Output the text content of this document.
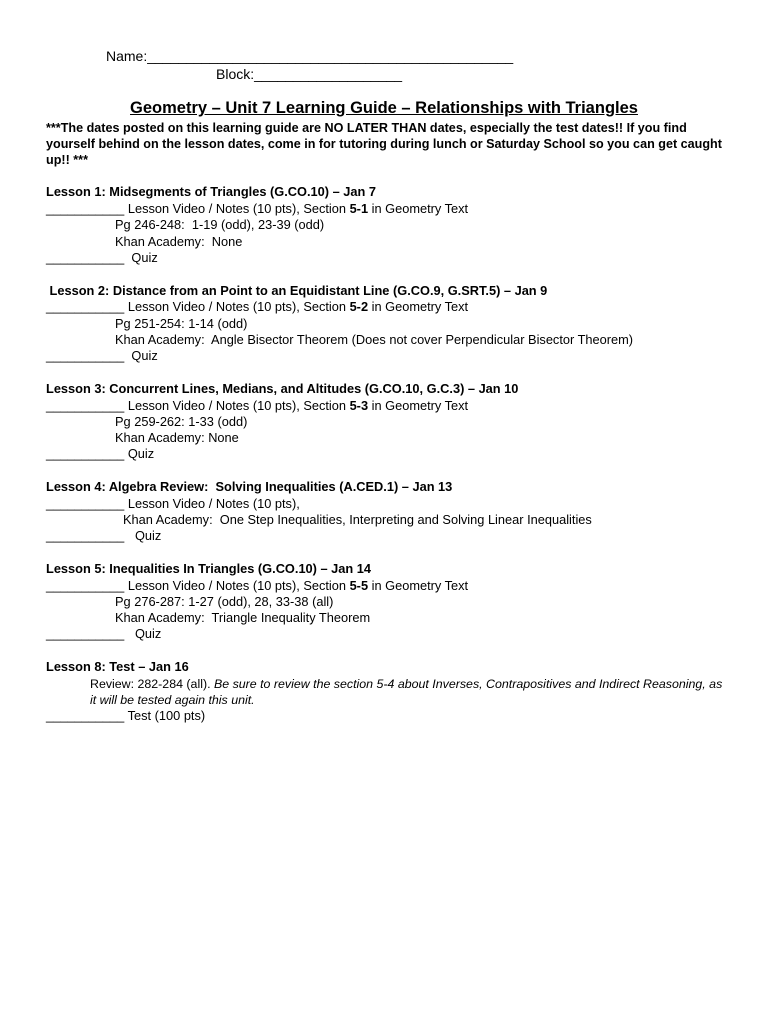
Name:_______________________________________________
Block:___________________
Geometry – Unit 7 Learning Guide – Relationships with Triangles
***The dates posted on this learning guide are NO LATER THAN dates, especially the test dates!! If you find yourself behind on the lesson dates, come in for tutoring during lunch or Saturday School so you can get caught up!! ***
Lesson 1: Midsegments of Triangles (G.CO.10) – Jan 7
___________ Lesson Video / Notes (10 pts), Section 5-1 in Geometry Text
Pg 246-248:  1-19 (odd), 23-39 (odd)
Khan Academy:  None
___________  Quiz
Lesson 2: Distance from an Point to an Equidistant Line (G.CO.9, G.SRT.5) – Jan 9
___________ Lesson Video / Notes (10 pts), Section 5-2 in Geometry Text
Pg 251-254: 1-14 (odd)
Khan Academy:  Angle Bisector Theorem (Does not cover Perpendicular Bisector Theorem)
___________  Quiz
Lesson 3: Concurrent Lines, Medians, and Altitudes (G.CO.10, G.C.3) – Jan 10
___________ Lesson Video / Notes (10 pts), Section 5-3 in Geometry Text
Pg 259-262: 1-33 (odd)
Khan Academy: None
___________ Quiz
Lesson 4: Algebra Review:  Solving Inequalities (A.CED.1) – Jan 13
___________ Lesson Video / Notes (10 pts),
Khan Academy:  One Step Inequalities, Interpreting and Solving Linear Inequalities
___________   Quiz
Lesson 5: Inequalities In Triangles (G.CO.10) – Jan 14
___________ Lesson Video / Notes (10 pts), Section 5-5 in Geometry Text
Pg 276-287: 1-27 (odd), 28, 33-38 (all)
Khan Academy:  Triangle Inequality Theorem
___________   Quiz
Lesson 8: Test – Jan 16
Review: 282-284 (all). Be sure to review the section 5-4 about Inverses, Contrapositives and Indirect Reasoning, as it will be tested again this unit.
___________ Test (100 pts)
